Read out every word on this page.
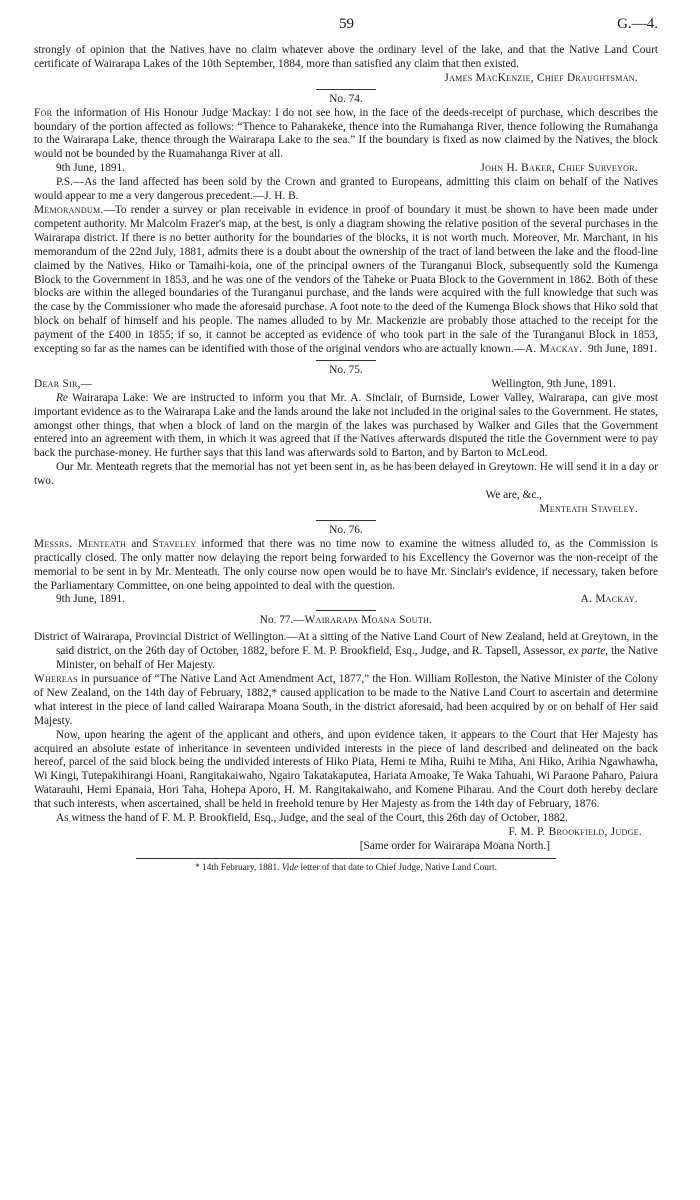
59	G.—4.

strongly of opinion that the Natives have no claim whatever above the ordinary level of the lake, and that the Native Land Court certificate of Wairarapa Lakes of the 10th September, 1884, more than satisfied any claim that then existed.

James MacKenzie, Chief Draughtsman.

No. 74.

For the information of His Honour Judge Mackay: I do not see how, in the face of the deeds-receipt of purchase, which describes the boundary of the portion affected as follows: “Thence to Paharakeke, thence into the Rumahanga River, thence following the Rumahanga to the Wairarapa Lake, thence through the Wairarapa Lake to the sea.” If the boundary is fixed as now claimed by the Natives, the block would not be bounded by the Ruamahanga River at all.

9th June, 1891.	John H. Baker, Chief Surveyor.

P.S.—As the land affected has been sold by the Crown and granted to Europeans, admitting this claim on behalf of the Natives would appear to me a very dangerous precedent.—J. H. B.

Memorandum.—To render a survey or plan receivable in evidence in proof of boundary it must be shown to have been made under competent authority. Mr Malcolm Frazer's map, at the best, is only a diagram showing the relative position of the several purchases in the Wairarapa district. If there is no better authority for the boundaries of the blocks, it is not worth much. Moreover, Mr. Marchant, in his memorandum of the 22nd July, 1881, admits there is a doubt about the ownership of the tract of land between the lake and the flood-line claimed by the Natives. Hiko or Tamaihi-koia, one of the principal owners of the Turanganui Block, subsequently sold the Kumenga Block to the Government in 1853, and he was one of the vendors of the Taheke or Puata Block to the Government in 1862. Both of these blocks are within the alleged boundaries of the Turanganui purchase, and the lands were acquired with the full knowledge that such was the case by the Commissioner who made the aforesaid purchase. A foot note to the deed of the Kumenga Block shows that Hiko sold that block on behalf of himself and his people. The names alluded to by Mr. Mackenzie are probably those attached to the receipt for the payment of the £400 in 1855; if so, it cannot be accepted as evidence of who took part in the sale of the Turanganui Block in 1853, excepting so far as the names can be identified with those of the original vendors who are actually known.—A. Mackay. 9th June, 1891.

No. 75.

Dear Sir,—	Wellington, 9th June, 1891.

Re Wairarapa Lake: We are instructed to inform you that Mr. A. Sinclair, of Burnside, Lower Valley, Wairarapa, can give most important evidence as to the Wairarapa Lake and the lands around the lake not included in the original sales to the Government. He states, amongst other things, that when a block of land on the margin of the lakes was purchased by Walker and Giles that the Government entered into an agreement with them, in which it was agreed that if the Natives afterwards disputed the title the Government were to pay back the purchase-money. He further says that this land was afterwards sold to Barton, and by Barton to McLeod.

Our Mr. Menteath regrets that the memorial has not yet been sent in, as he has been delayed in Greytown. He will send it in a day or two.

We are, &c.,

Menteath Staveley.

No. 76.

Messrs. Menteath and Staveley informed that there was no time now to examine the witness alluded to, as the Commission is practically closed. The only matter now delaying the report being forwarded to his Excellency the Governor was the non-receipt of the memorial to be sent in by Mr. Menteath. The only course now open would be to have Mr. Sinclair's evidence, if necessary, taken before the Parliamentary Committee, on one being appointed to deal with the question.

9th June, 1891.	A. Mackay.

No. 77.—Wairarapa Moana South.

District of Wairarapa, Provincial District of Wellington.—At a sitting of the Native Land Court of New Zealand, held at Greytown, in the said district, on the 26th day of October, 1882, before F. M. P. Brookfield, Esq., Judge, and R. Tapsell, Assessor, ex parte, the Native Minister, on behalf of Her Majesty.

Whereas in pursuance of “The Native Land Act Amendment Act, 1877,” the Hon. William Rolleston, the Native Minister of the Colony of New Zealand, on the 14th day of February, 1882,* caused application to be made to the Native Land Court to ascertain and determine what interest in the piece of land called Wairarapa Moana South, in the district aforesaid, had been acquired by or on behalf of Her said Majesty.

Now, upon hearing the agent of the applicant and others, and upon evidence taken, it appears to the Court that Her Majesty has acquired an absolute estate of inheritance in seventeen undivided interests in the piece of land described and delineated on the back hereof, parcel of the said block being the undivided interests of Hiko Piata, Hemi te Miha, Ruihi te Miha, Ani Hiko, Arihia Ngawhawha, Wi Kingi, Tutepakihirangi Hoani, Rangitakaiwaho, Ngairo Takatakaputea, Hariata Amoake, Te Waka Tahuahi, Wi Paraone Paharo, Paiura Watarauhi, Hemi Epanaia, Hori Taha, Hohepa Aporo, H. M. Rangitakaiwaho, and Komene Piharau. And the Court doth hereby declare that such interests, when ascertained, shall be held in freehold tenure by Her Majesty as from the 14th day of February, 1876.

As witness the hand of F. M. P. Brookfield, Esq., Judge, and the seal of the Court, this 26th day of October, 1882.

F. M. P. Brookfield, Judge.

[Same order for Wairarapa Moana North.]

* 14th February, 1881. Vide letter of that date to Chief Judge, Native Land Court.
